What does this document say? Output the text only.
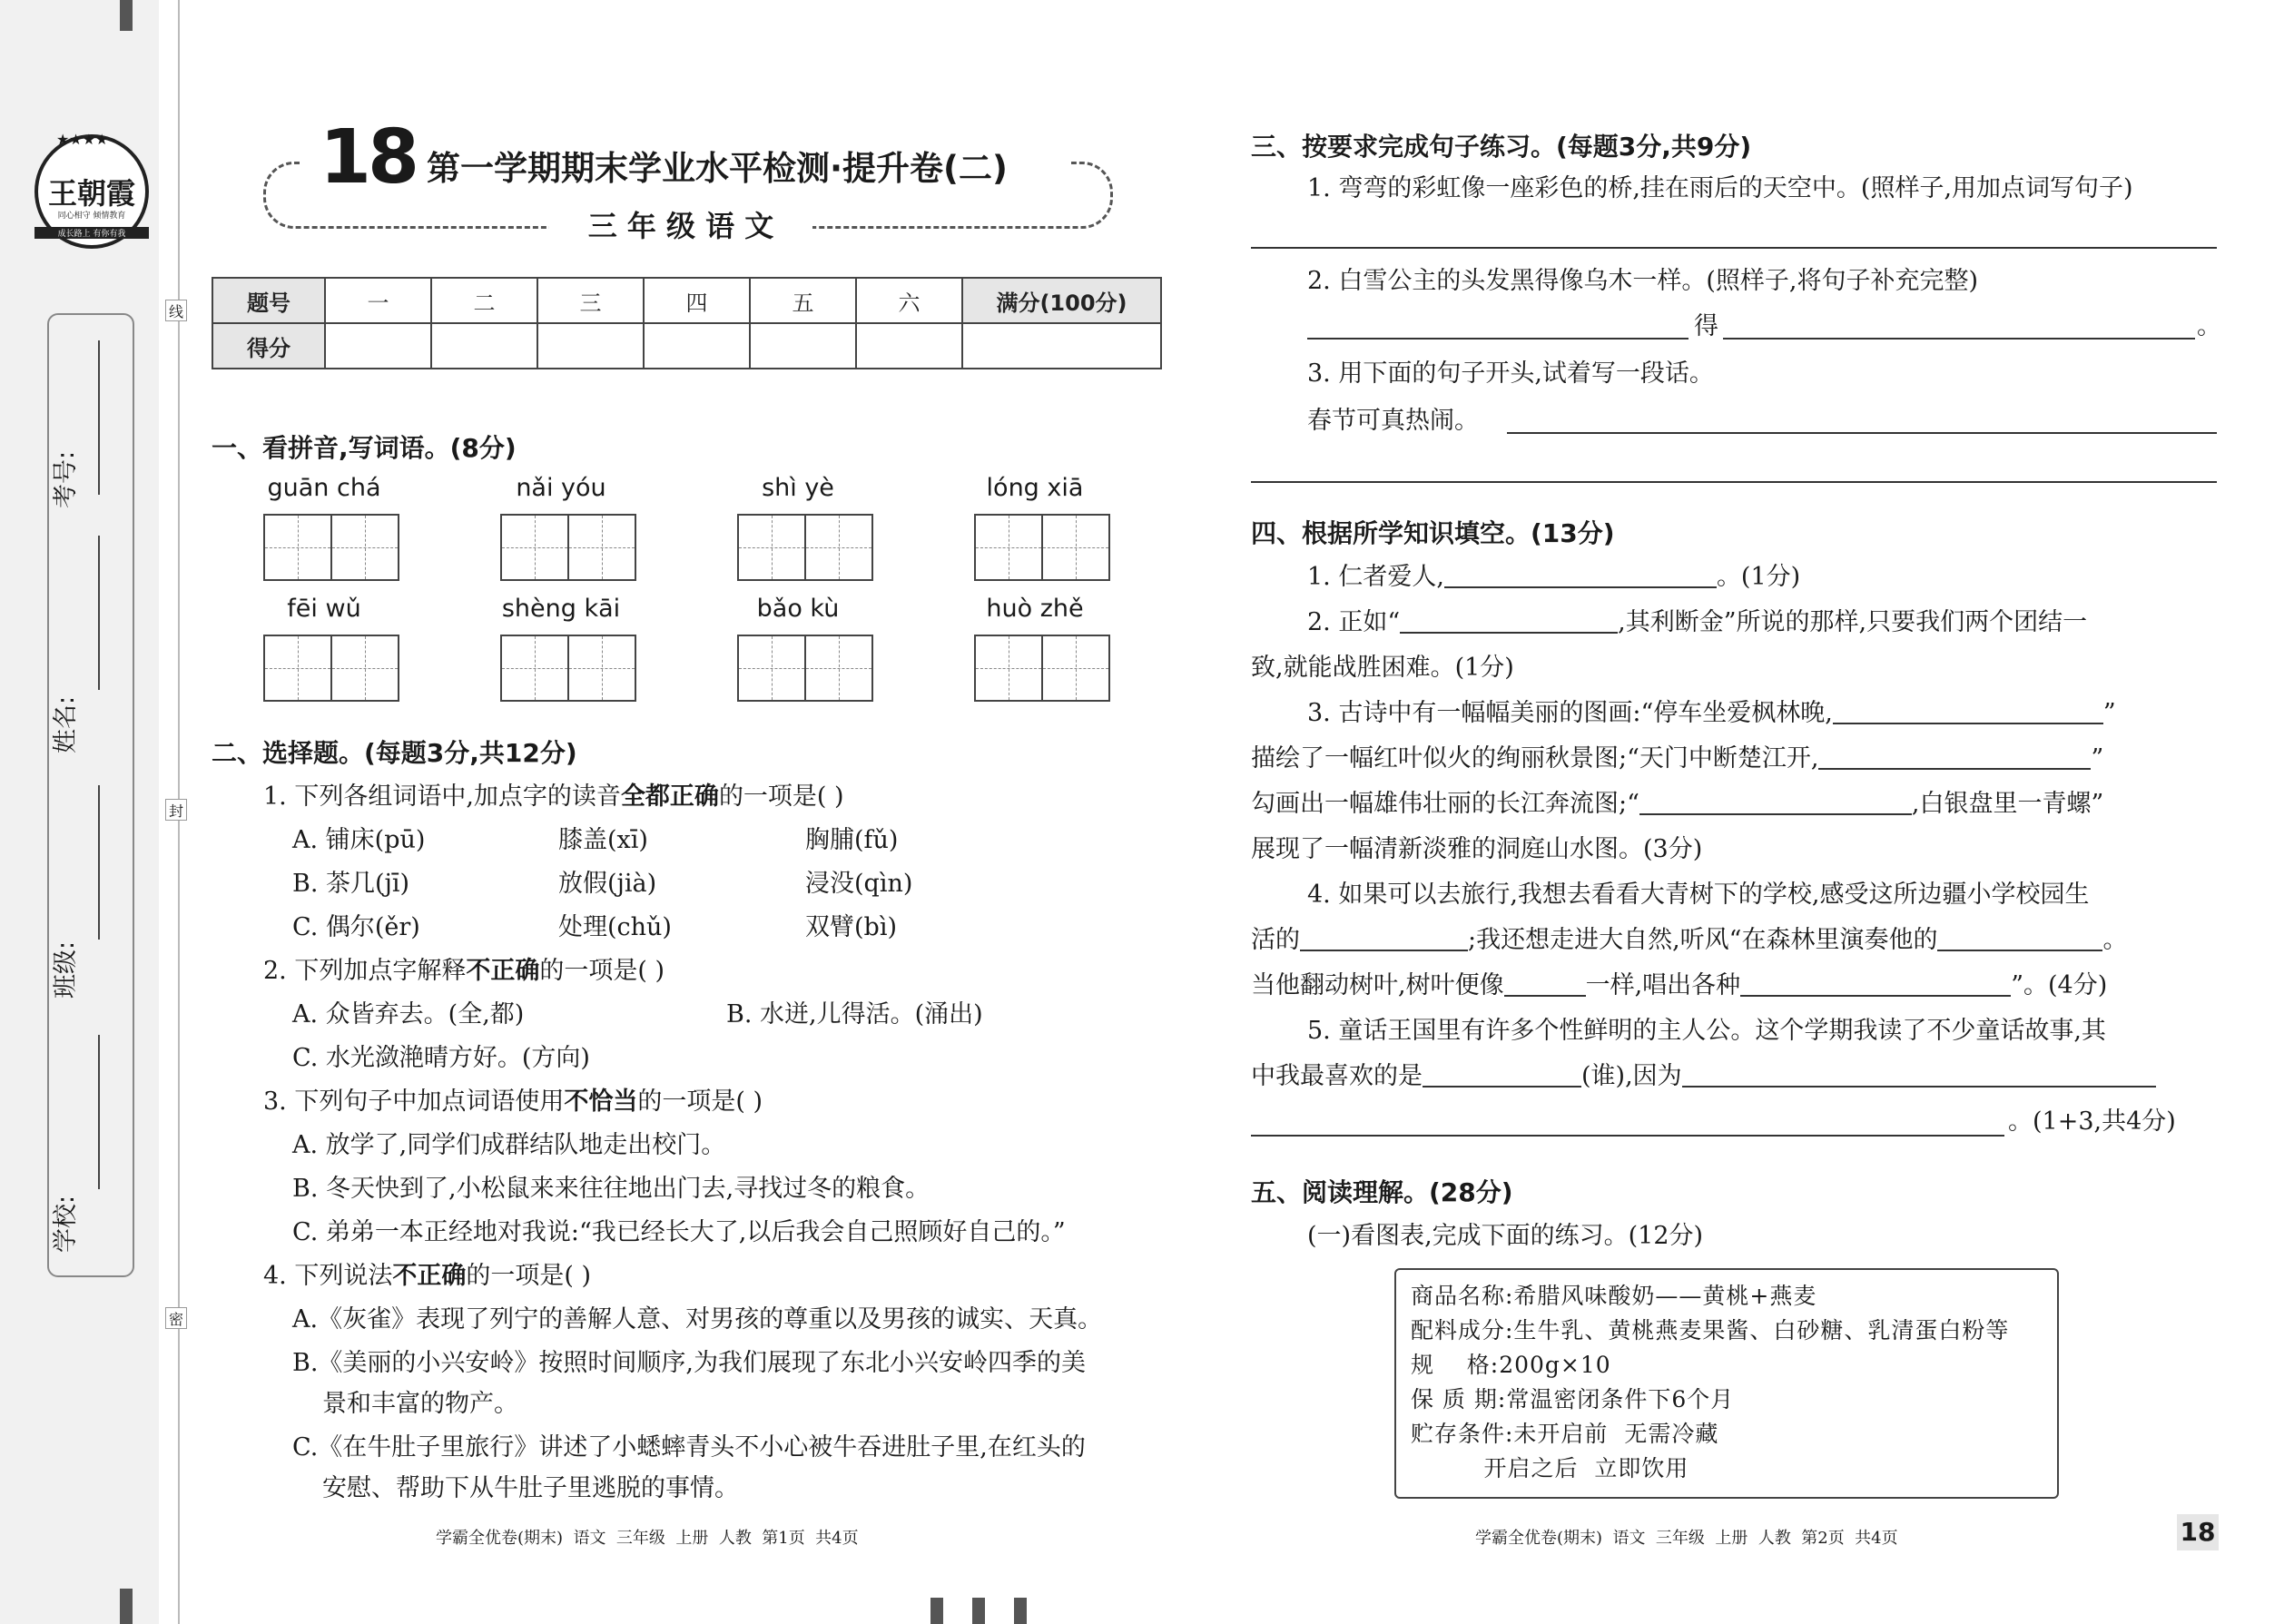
★★★★
王朝霞
同心相守 倾情教育
成长路上 有你有我
考号:
姓名:
班级:
学校:
线
封
密
18 第一学期期末学业水平检测·提升卷(二)
三 年 级 语 文
题号	一	二	三	四	五	六	满分(100分)
得分							
一、看拼音,写词语。(8分)
guān chá	nǎi yóu	shì yè	lóng xiā
fēi wǔ	shèng kāi	bǎo kù	huò zhě
二、选择题。(每题3分,共12分)
1. 下列各组词语中,加点字的读音全都正确的一项是( )
A. 铺床(pū)	膝盖(xī)	胸脯(fǔ)
B. 茶几(jī)	放假(jià)	浸没(qìn)
C. 偶尔(ěr)	处理(chǔ)	双臂(bì)
2. 下列加点字解释不正确的一项是( )
A. 众皆弃去。(全,都)	B. 水迸,儿得活。(涌出)
C. 水光潋滟晴方好。(方向)
3. 下列句子中加点词语使用不恰当的一项是( )
A. 放学了,同学们成群结队地走出校门。
B. 冬天快到了,小松鼠来来往往地出门去,寻找过冬的粮食。
C. 弟弟一本正经地对我说:“我已经长大了,以后我会自己照顾好自己的。”
4. 下列说法不正确的一项是( )
A.《灰雀》表现了列宁的善解人意、对男孩的尊重以及男孩的诚实、天真。
B.《美丽的小兴安岭》按照时间顺序,为我们展现了东北小兴安岭四季的美
景和丰富的物产。
C.《在牛肚子里旅行》讲述了小蟋蟀青头不小心被牛吞进肚子里,在红头的
安慰、帮助下从牛肚子里逃脱的事情。
学霸全优卷(期末)  语文  三年级  上册  人教  第1页  共4页
三、按要求完成句子练习。(每题3分,共9分)
1. 弯弯的彩虹像一座彩色的桥,挂在雨后的天空中。(照样子,用加点词写句子)
2. 白雪公主的头发黑得像乌木一样。(照样子,将句子补充完整)
得	。
3. 用下面的句子开头,试着写一段话。
春节可真热闹。
四、根据所学知识填空。(13分)
1. 仁者爱人,	。(1分)
2. 正如“	,其利断金”所说的那样,只要我们两个团结一
致,就能战胜困难。(1分)
3. 古诗中有一幅幅美丽的图画:“停车坐爱枫林晚,	”
描绘了一幅红叶似火的绚丽秋景图;“天门中断楚江开,	”
勾画出一幅雄伟壮丽的长江奔流图;“	,白银盘里一青螺”
展现了一幅清新淡雅的洞庭山水图。(3分)
4. 如果可以去旅行,我想去看看大青树下的学校,感受这所边疆小学校园生
活的	;我还想走进大自然,听风“在森林里演奏他的	。
当他翻动树叶,树叶便像	一样,唱出各种	”。(4分)
5. 童话王国里有许多个性鲜明的主人公。这个学期我读了不少童话故事,其
中我最喜欢的是	(谁),因为
。(1+3,共4分)
五、阅读理解。(28分)
(一)看图表,完成下面的练习。(12分)
商品名称:希腊风味酸奶——黄桃+燕麦
配料成分:生牛乳、黄桃燕麦果酱、白砂糖、乳清蛋白粉等
规    格:200g×10
保 质 期:常温密闭条件下6个月
贮存条件:未开启前  无需冷藏
开启之后  立即饮用
学霸全优卷(期末)  语文  三年级  上册  人教  第2页  共4页	18
